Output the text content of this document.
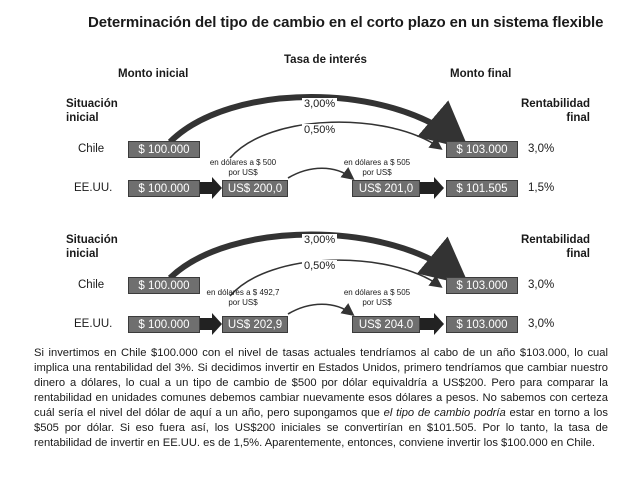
Determinación del tipo de cambio en el corto plazo en un sistema flexible
Monto inicial
Tasa de interés
Monto final
Situación
inicial
Rentabilidad
final
3,00%
0,50%
Chile	$ 100.000	$ 103.000	3,0%
en dólares a $ 500
por US$
en dólares a $ 505
por US$
EE.UU.	$ 100.000	US$ 200,0	US$ 201,0	$ 101.505	1,5%
Situación
inicial
Rentabilidad
final
3,00%
0,50%
Chile	$ 100.000	$ 103.000	3,0%
en dólares a $ 492,7
por US$
en dólares a $ 505
por US$
EE.UU.	$ 100.000	US$ 202,9	US$ 204.0	$ 103.000	3,0%
Si invertimos en Chile $100.000 con el nivel de tasas actuales tendríamos al cabo de un año $103.000, lo cual implica una rentabilidad del 3%. Si decidimos invertir en Estados Unidos, primero tendríamos que cambiar nuestro dinero a dólares, lo cual a un tipo de cambio de $500 por dólar equivaldría a US$200. Pero para comparar la rentabilidad en unidades comunes debemos cambiar nuevamente esos dólares a pesos. No sabemos con certeza cuál sería el nivel del dólar de aquí a un año, pero supongamos que el tipo de cambio podría estar en torno a los $505 por dólar. Si eso fuera así, los US$200 iniciales se convertirían en $101.505. Por lo tanto, la tasa de rentabilidad de invertir en EE.UU. es de 1,5%. Aparentemente, entonces, conviene invertir los $100.000 en Chile.
